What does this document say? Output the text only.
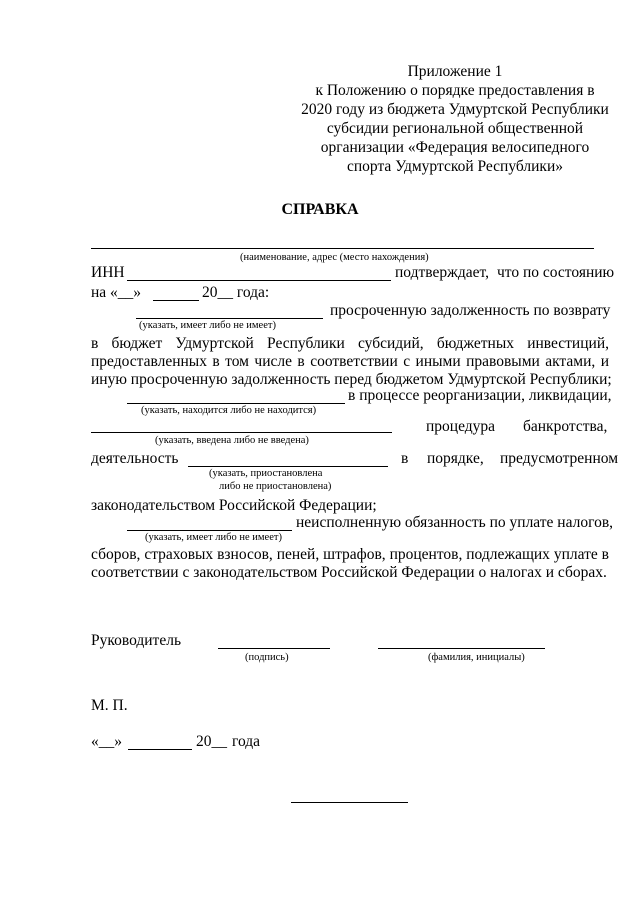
Приложение 1
к Положению о порядке предоставления в
2020 году из бюджета Удмуртской Республики
субсидии региональной общественной
организации «Федерация велосипедного
спорта Удмуртской Республики»
СПРАВКА
(наименование, адрес (место нахождения)
ИНН	подтверждает, что по состоянию
на «__»	20__ года:
просроченную задолженность по возврату
(указать, имеет либо не имеет)
в бюджет Удмуртской Республики субсидий, бюджетных инвестиций,
предоставленных в том числе в соответствии с иными правовыми актами, и
иную просроченную задолженность перед бюджетом Удмуртской Республики;
в процессе реорганизации, ликвидации,
(указать, находится либо не находится)
процедура банкротства,
(указать, введена либо не введена)
деятельность	в порядке, предусмотренном
(указать, приостановлена
либо не приостановлена)
законодательством Российской Федерации;
неисполненную обязанность по уплате налогов,
(указать, имеет либо не имеет)
сборов, страховых взносов, пеней, штрафов, процентов, подлежащих уплате в
соответствии с законодательством Российской Федерации о налогах и сборах.
Руководитель
(подпись)	(фамилия, инициалы)
М. П.
«__»	20__ года
